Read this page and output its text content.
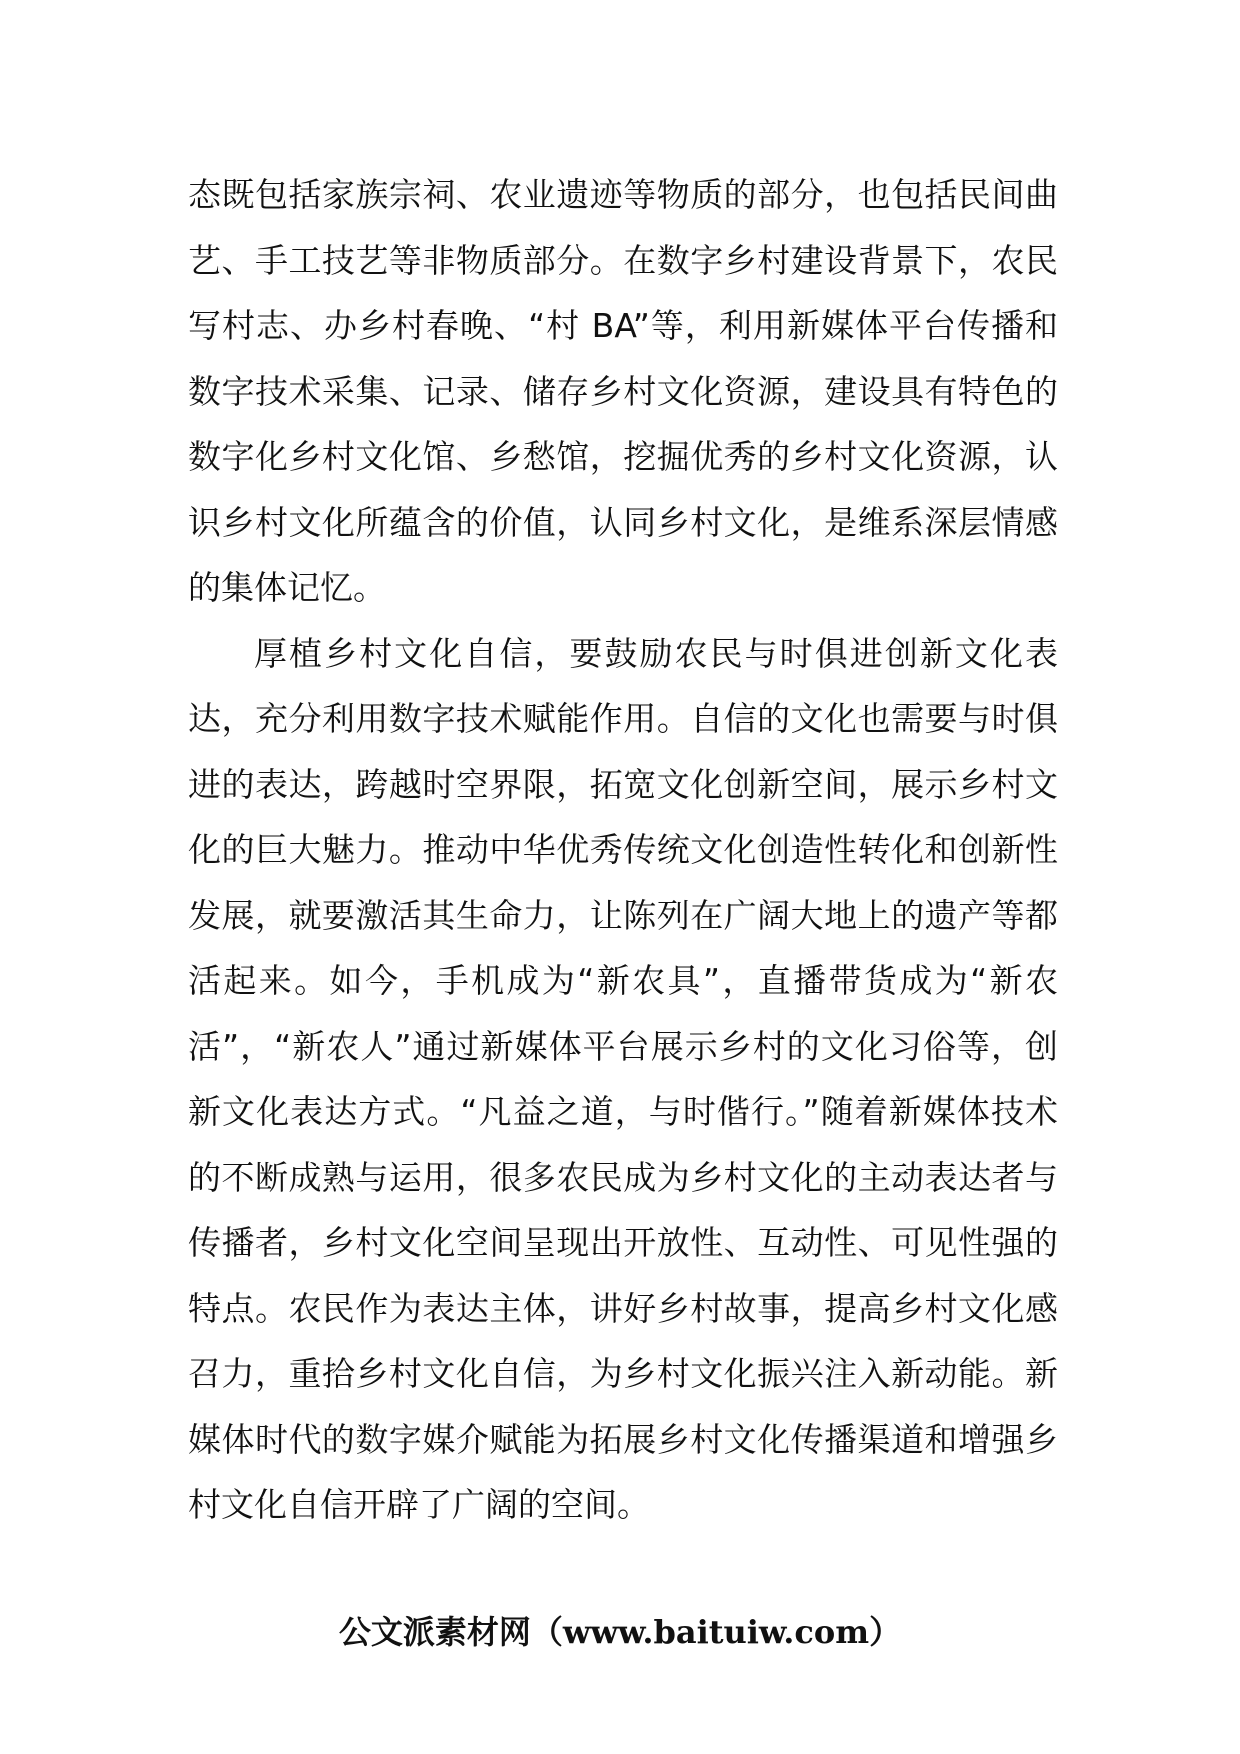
态既包括家族宗祠、农业遗迹等物质的部分，也包括民间曲艺、手工技艺等非物质部分。在数字乡村建设背景下，农民写村志、办乡村春晚、“村 BA”等，利用新媒体平台传播和数字技术采集、记录、储存乡村文化资源，建设具有特色的数字化乡村文化馆、乡愁馆，挖掘优秀的乡村文化资源，认识乡村文化所蕴含的价值，认同乡村文化，是维系深层情感的集体记忆。

厚植乡村文化自信，要鼓励农民与时俱进创新文化表达，充分利用数字技术赋能作用。自信的文化也需要与时俱进的表达，跨越时空界限，拓宽文化创新空间，展示乡村文化的巨大魅力。推动中华优秀传统文化创造性转化和创新性发展，就要激活其生命力，让陈列在广阔大地上的遗产等都活起来。如今，手机成为“新农具”，直播带货成为“新农活”，“新农人”通过新媒体平台展示乡村的文化习俗等，创新文化表达方式。“凡益之道，与时偕行。”随着新媒体技术的不断成熟与运用，很多农民成为乡村文化的主动表达者与传播者，乡村文化空间呈现出开放性、互动性、可见性强的特点。农民作为表达主体，讲好乡村故事，提高乡村文化感召力，重拾乡村文化自信，为乡村文化振兴注入新动能。新媒体时代的数字媒介赋能为拓展乡村文化传播渠道和增强乡村文化自信开辟了广阔的空间。

公文派素材网（www.baituiw.com）
